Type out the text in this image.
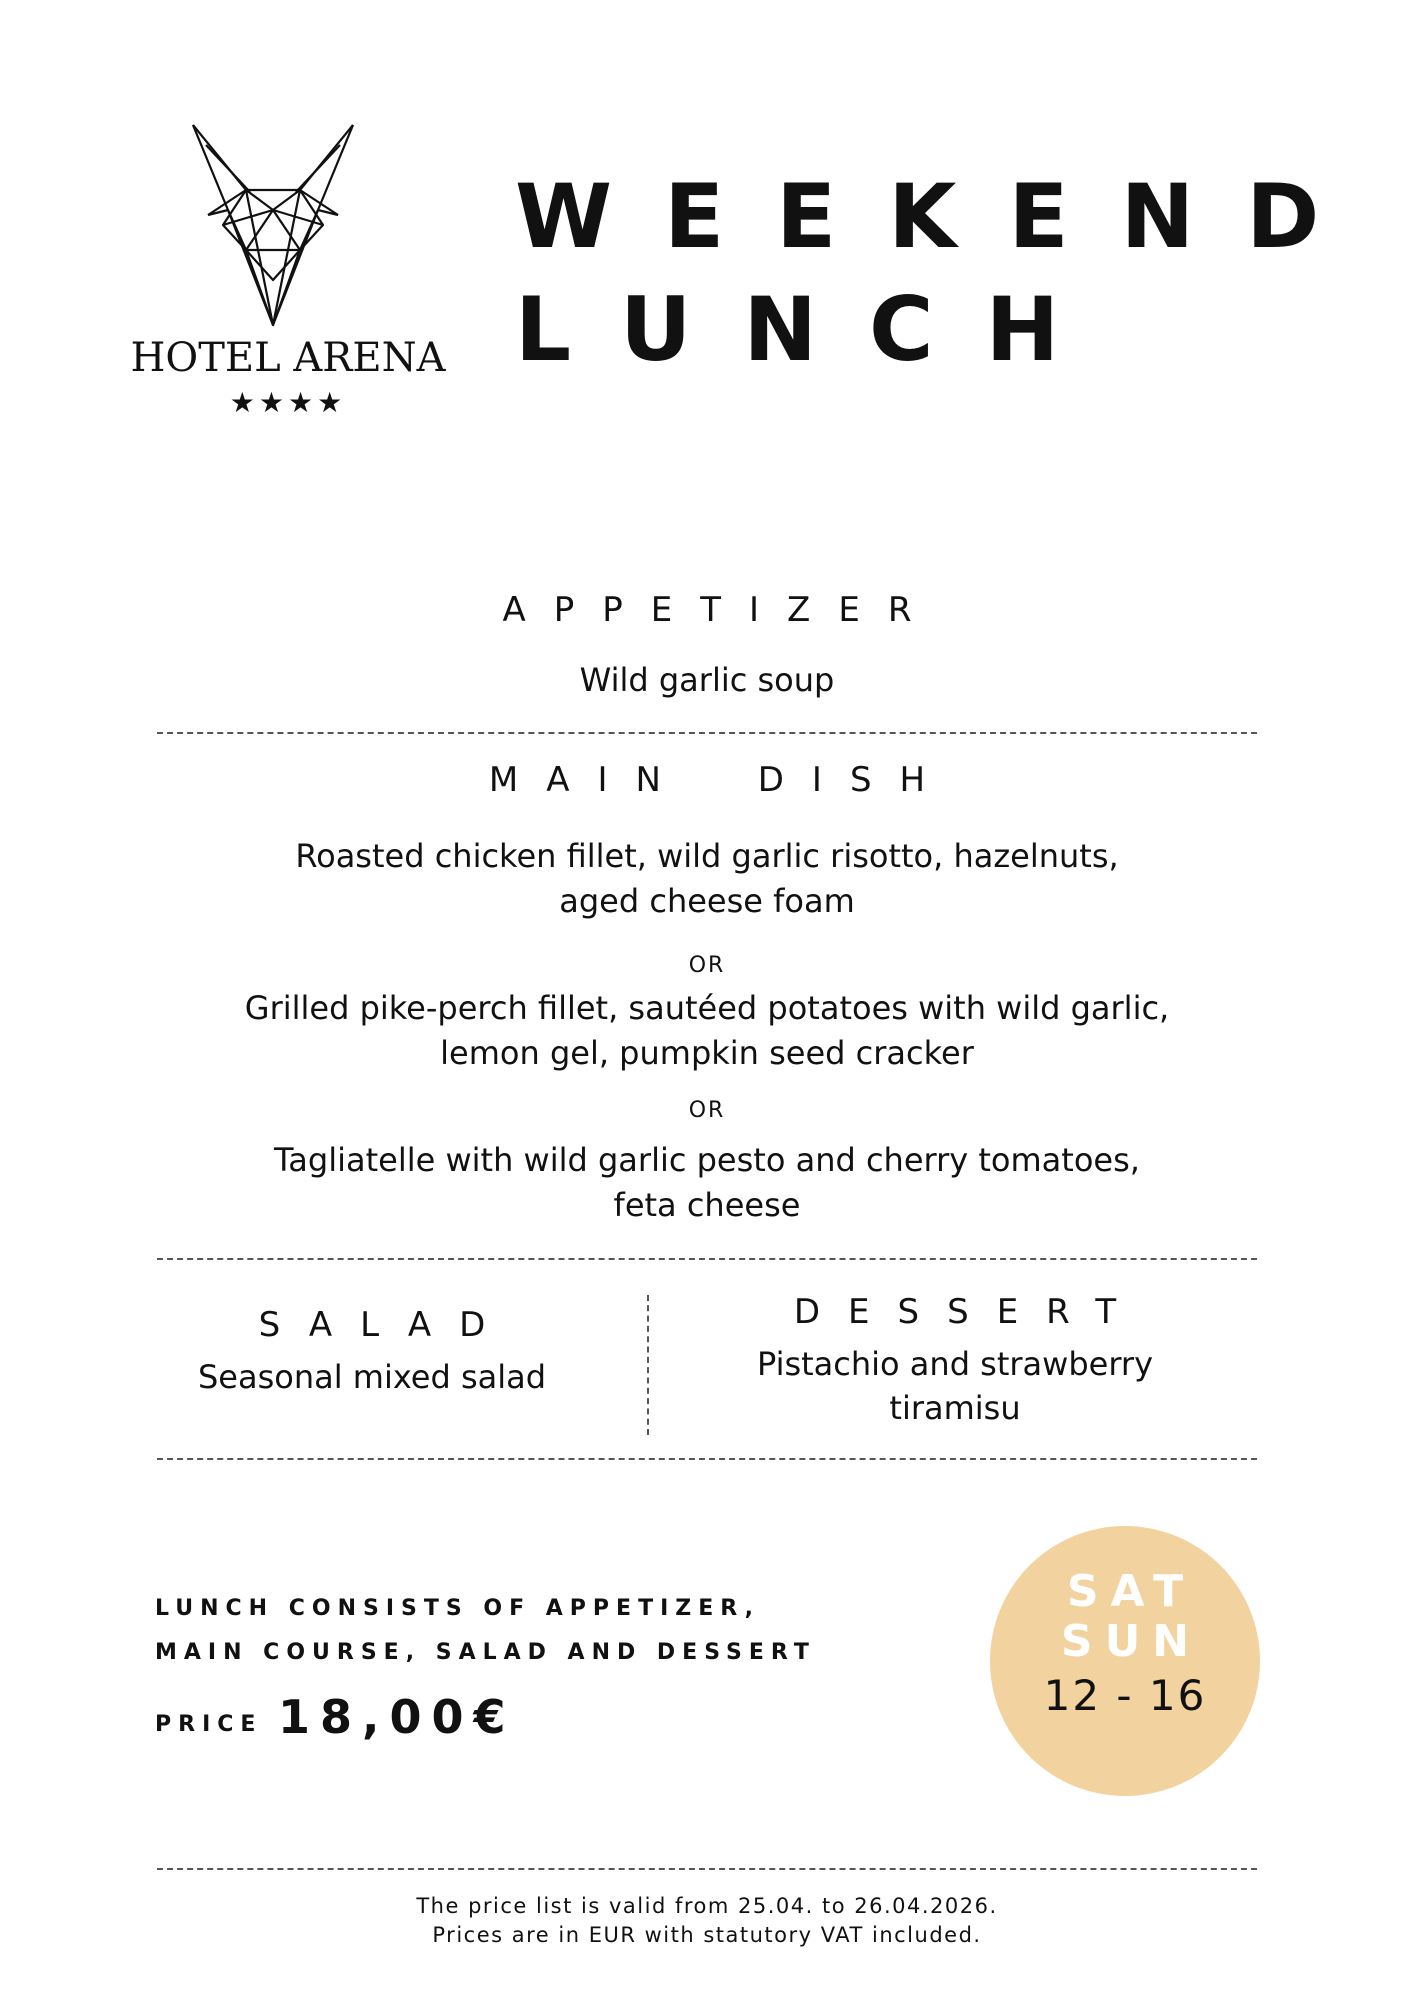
HOTEL ARENA
★★★★
WEEKEND
LUNCH
APPETIZER
Wild garlic soup
MAIN DISH
Roasted chicken fillet, wild garlic risotto, hazelnuts,
aged cheese foam
OR
Grilled pike-perch fillet, sautéed potatoes with wild garlic,
lemon gel, pumpkin seed cracker
OR
Tagliatelle with wild garlic pesto and cherry tomatoes,
feta cheese
SALAD
Seasonal mixed salad
DESSERT
Pistachio and strawberry
tiramisu
LUNCH CONSISTS OF APPETIZER,
MAIN COURSE, SALAD AND DESSERT
PRICE 18,00€
SAT
SUN
12 - 16
The price list is valid from 25.04. to 26.04.2026.
Prices are in EUR with statutory VAT included.
